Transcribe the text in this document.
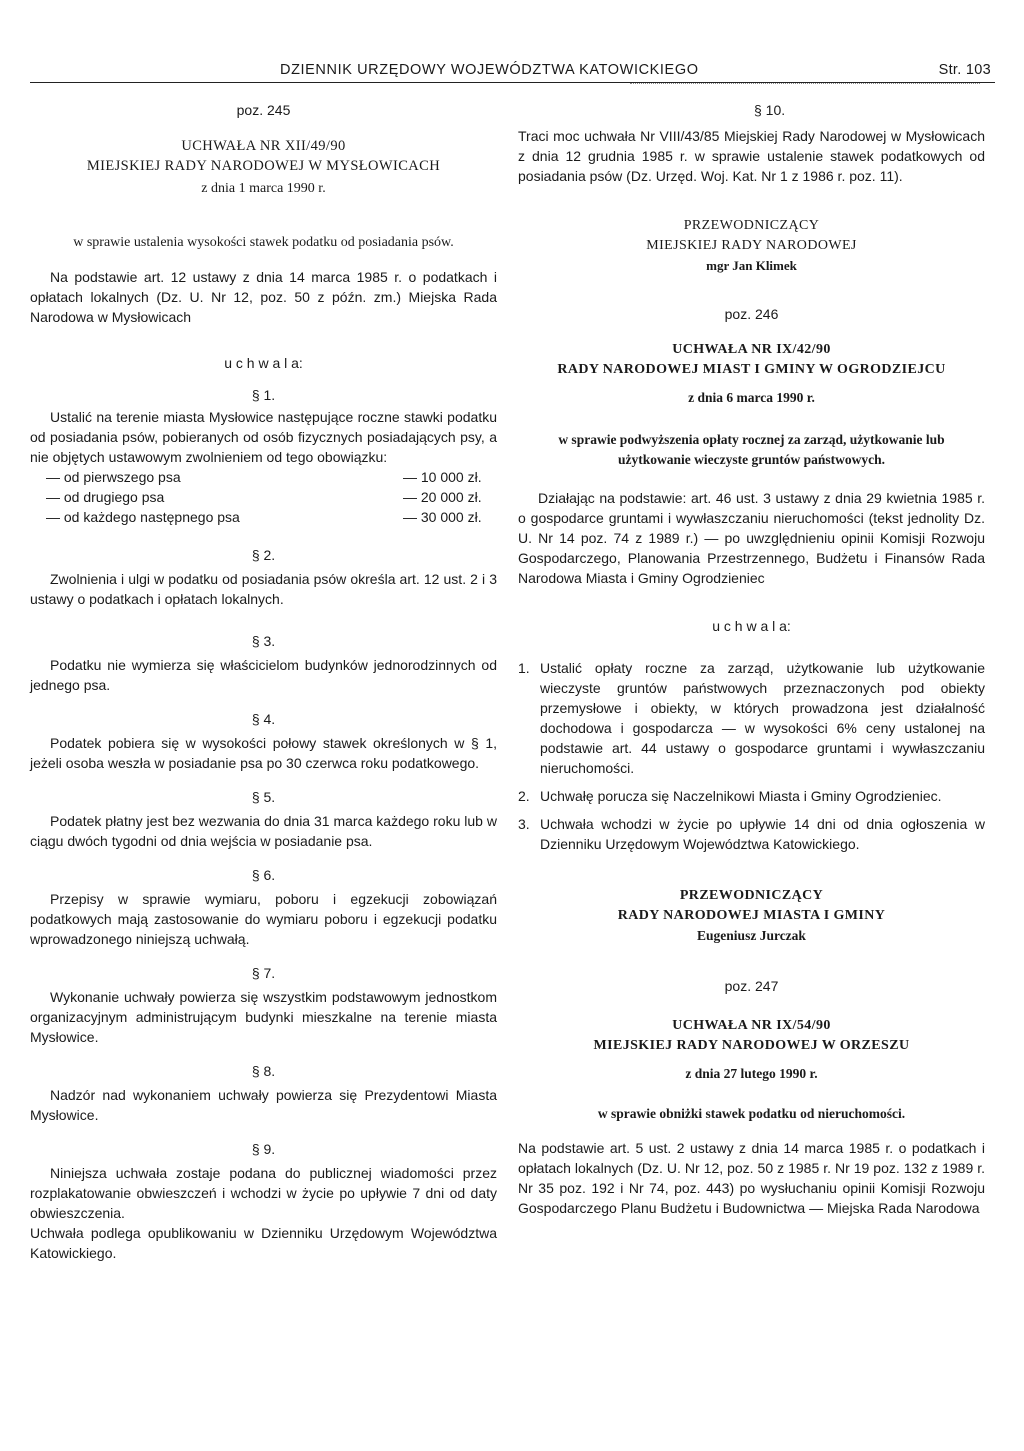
DZIENNIK URZĘDOWY WOJEWÓDZTWA KATOWICKIEGO	Str. 103
poz. 245
UCHWAŁA NR XII/49/90
MIEJSKIEJ RADY NARODOWEJ W MYSŁOWICACH
z dnia 1 marca 1990 r.

w sprawie ustalenia wysokości stawek podatku od posiadania psów.

Na podstawie art. 12 ustawy z dnia 14 marca 1985 r. o podatkach i opłatach lokalnych (Dz. U. Nr 12, poz. 50 z późn. zm.) Miejska Rada Narodowa w Mysłowicach

u c h w a l a:
§ 1.

Ustalić na terenie miasta Mysłowice następujące roczne stawki podatku od posiadania psów, pobieranych od osób fizycznych posiadających psy, a nie objętych ustawowym zwolnieniem od tego obowiązku:

— od pierwszego psa	— 10 000 zł.
— od drugiego psa	— 20 000 zł.
— od każdego następnego psa	— 30 000 zł.
§ 2.

Zwolnienia i ulgi w podatku od posiadania psów określa art. 12 ust. 2 i 3 ustawy o podatkach i opłatach lokalnych.

§ 3.

Podatku nie wymierza się właścicielom budynków jednorodzinnych od jednego psa.

§ 4.

Podatek pobiera się w wysokości połowy stawek określonych w § 1, jeżeli osoba weszła w posiadanie psa po 30 czerwca roku podatkowego.

§ 5.

Podatek płatny jest bez wezwania do dnia 31 marca każdego roku lub w ciągu dwóch tygodni od dnia wejścia w posiadanie psa.

§ 6.

Przepisy w sprawie wymiaru, poboru i egzekucji zobowiązań podatkowych mają zastosowanie do wymiaru poboru i egzekucji podatku wprowadzonego niniejszą uchwałą.

§ 7.

Wykonanie uchwały powierza się wszystkim podstawowym jednostkom organizacyjnym administrującym budynki mieszkalne na terenie miasta Mysłowice.

§ 8.

Nadzór nad wykonaniem uchwały powierza się Prezydentowi Miasta Mysłowice.

§ 9.

Niniejsza uchwała zostaje podana do publicznej wiadomości przez rozplakatowanie obwieszczeń i wchodzi w życie po upływie 7 dni od daty obwieszczenia.

Uchwała podlega opublikowaniu w Dzienniku Urzędowym Województwa Katowickiego.

§ 10.

Traci moc uchwała Nr VIII/43/85 Miejskiej Rady Narodowej w Mysłowicach z dnia 12 grudnia 1985 r. w sprawie ustalenie stawek podatkowych od posiadania psów (Dz. Urzęd. Woj. Kat. Nr 1 z 1986 r. poz. 11).

PRZEWODNICZĄCY
MIEJSKIEJ RADY NARODOWEJ
mgr Jan Klimek
poz. 246
UCHWAŁA NR IX/42/90
RADY NARODOWEJ MIAST I GMINY W OGRODZIEJCU
z dnia 6 marca 1990 r.

w sprawie podwyższenia opłaty rocznej za zarząd, użytkowanie lub użytkowanie wieczyste gruntów państwowych.

Działając na podstawie: art. 46 ust. 3 ustawy z dnia 29 kwietnia 1985 r. o gospodarce gruntami i wywłaszczaniu nieruchomości (tekst jednolity Dz. U. Nr 14 poz. 74 z 1989 r.) — po uwzględnieniu opinii Komisji Rozwoju Gospodarczego, Planowania Przestrzennego, Budżetu i Finansów Rada Narodowa Miasta i Gminy Ogrodzieniec

u c h w a l a:
1. Ustalić opłaty roczne za zarząd, użytkowanie lub użytkowanie wieczyste gruntów państwowych przeznaczonych pod obiekty przemysłowe i obiekty, w których prowadzona jest działalność dochodowa i gospodarcza — w wysokości 6% ceny ustalonej na podstawie art. 44 ustawy o gospodarce gruntami i wywłaszczaniu nieruchomości.
2. Uchwałę porucza się Naczelnikowi Miasta i Gminy Ogrodzieniec.
3. Uchwała wchodzi w życie po upływie 14 dni od dnia ogłoszenia w Dzienniku Urzędowym Województwa Katowickiego.
PRZEWODNICZĄCY
RADY NARODOWEJ MIASTA I GMINY
Eugeniusz Jurczak
poz. 247
UCHWAŁA NR IX/54/90
MIEJSKIEJ RADY NARODOWEJ W ORZESZU
z dnia 27 lutego 1990 r.

w sprawie obniżki stawek podatku od nieruchomości.

Na podstawie art. 5 ust. 2 ustawy z dnia 14 marca 1985 r. o podatkach i opłatach lokalnych (Dz. U. Nr 12, poz. 50 z 1985 r. Nr 19 poz. 132 z 1989 r. Nr 35 poz. 192 i Nr 74, poz. 443) po wysłuchaniu opinii Komisji Rozwoju Gospodarczego Planu Budżetu i Budownictwa — Miejska Rada Narodowa
